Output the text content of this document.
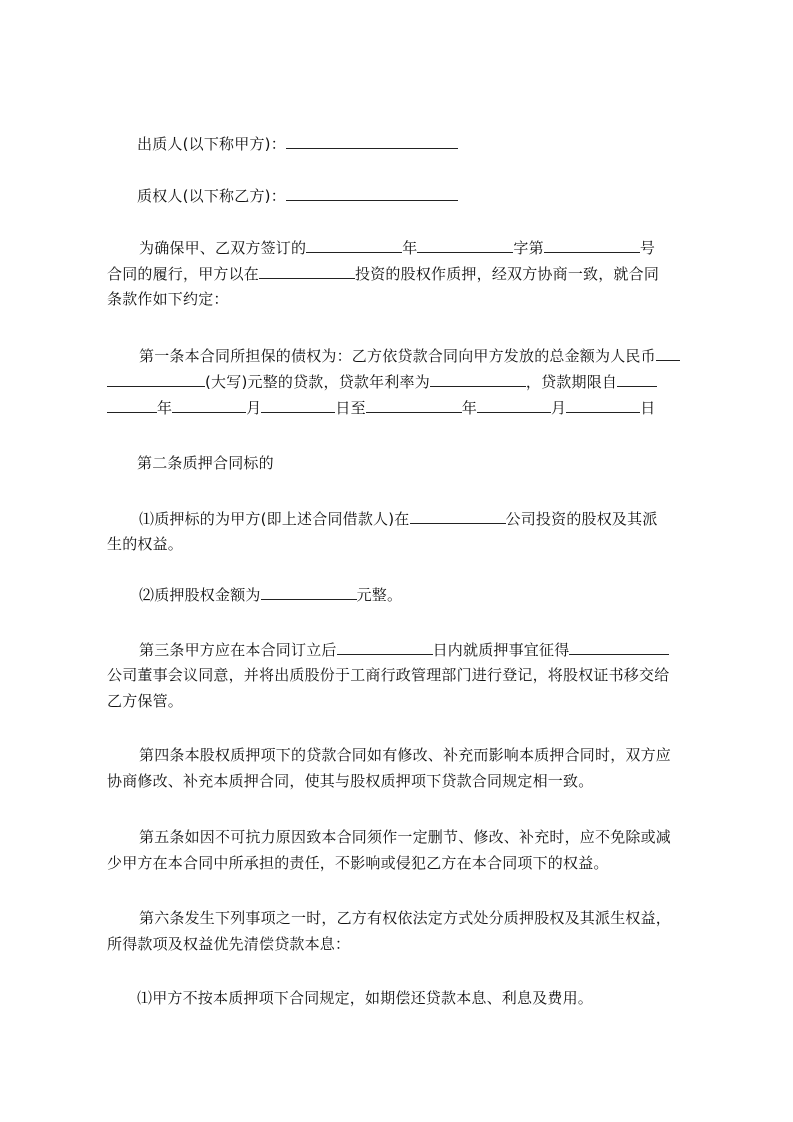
出质人(以下称甲方)：
质权人(以下称乙方)：
为确保甲、乙双方签订的	年	字第	号
合同的履行，甲方以在	投资的股权作质押，经双方协商一致，就合同
条款作如下约定：
第一条本合同所担保的债权为：乙方依贷款合同向甲方发放的总金额为人民币
(大写)元整的贷款，贷款年利率为	，贷款期限自
年	月	日至	年	月	日
第二条质押合同标的
⑴质押标的为甲方(即上述合同借款人)在	公司投资的股权及其派
生的权益。
⑵质押股权金额为	元整。
第三条甲方应在本合同订立后	日内就质押事宜征得
公司董事会议同意，并将出质股份于工商行政管理部门进行登记，将股权证书移交给
乙方保管。
第四条本股权质押项下的贷款合同如有修改、补充而影响本质押合同时，双方应
协商修改、补充本质押合同，使其与股权质押项下贷款合同规定相一致。
第五条如因不可抗力原因致本合同须作一定删节、修改、补充时，应不免除或减
少甲方在本合同中所承担的责任，不影响或侵犯乙方在本合同项下的权益。
第六条发生下列事项之一时，乙方有权依法定方式处分质押股权及其派生权益，
所得款项及权益优先清偿贷款本息：
⑴甲方不按本质押项下合同规定，如期偿还贷款本息、利息及费用。
